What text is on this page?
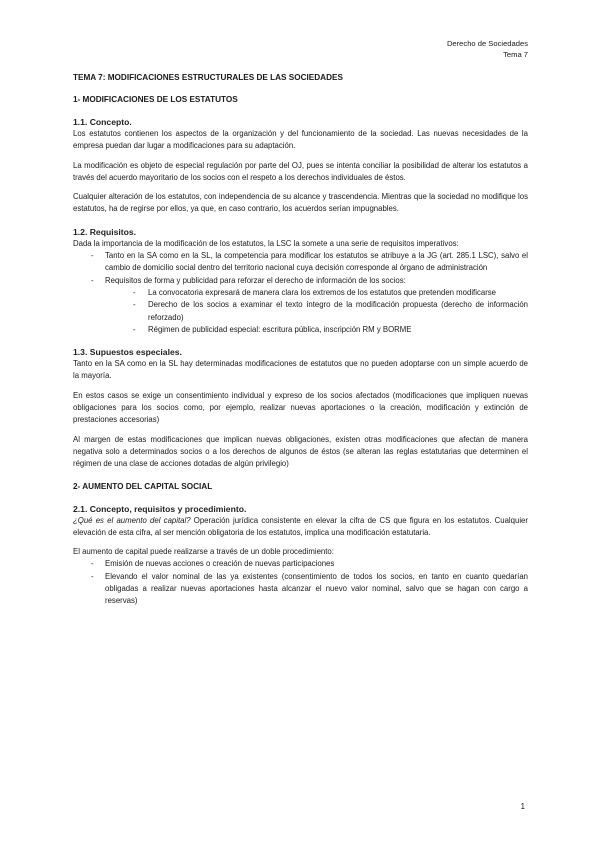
Derecho de Sociedades
Tema 7

TEMA 7: MODIFICACIONES ESTRUCTURALES DE LAS SOCIEDADES

1- MODIFICACIONES DE LOS ESTATUTOS

1.1. Concepto.

Los estatutos contienen los aspectos de la organización y del funcionamiento de la sociedad. Las nuevas necesidades de la empresa puedan dar lugar a modificaciones para su adaptación.

La modificación es objeto de especial regulación por parte del OJ, pues se intenta conciliar la posibilidad de alterar los estatutos a través del acuerdo mayoritario de los socios con el respeto a los derechos individuales de éstos.

Cualquier alteración de los estatutos, con independencia de su alcance y trascendencia. Mientras que la sociedad no modifique los estatutos, ha de regirse por ellos, ya que, en caso contrario, los acuerdos serían impugnables.

1.2. Requisitos.

Dada la importancia de la modificación de los estatutos, la LSC la somete a una serie de requisitos imperativos:

- Tanto en la SA como en la SL, la competencia para modificar los estatutos se atribuye a la JG (art. 285.1 LSC), salvo el cambio de domicilio social dentro del territorio nacional cuya decisión corresponde al órgano de administración
- Requisitos de forma y publicidad para reforzar el derecho de información de los socios:
- La convocatoria expresará de manera clara los extremos de los estatutos que pretenden modificarse
- Derecho de los socios a examinar el texto íntegro de la modificación propuesta (derecho de información reforzado)
- Régimen de publicidad especial: escritura pública, inscripción RM y BORME

1.3. Supuestos especiales.

Tanto en la SA como en la SL hay determinadas modificaciones de estatutos que no pueden adoptarse con un simple acuerdo de la mayoría.

En estos casos se exige un consentimiento individual y expreso de los socios afectados (modificaciones que impliquen nuevas obligaciones para los socios como, por ejemplo, realizar nuevas aportaciones o la creación, modificación y extinción de prestaciones accesorias)

Al margen de estas modificaciones que implican nuevas obligaciones, existen otras modificaciones que afectan de manera negativa solo a determinados socios o a los derechos de algunos de éstos (se alteran las reglas estatutarias que determinen el régimen de una clase de acciones dotadas de algún privilegio)

2- AUMENTO DEL CAPITAL SOCIAL

2.1. Concepto, requisitos y procedimiento.

¿Qué es el aumento del capital? Operación jurídica consistente en elevar la cifra de CS que figura en los estatutos. Cualquier elevación de esta cifra, al ser mención obligatoria de los estatutos, implica una modificación estatutaria.

El aumento de capital puede realizarse a través de un doble procedimiento:

- Emisión de nuevas acciones o creación de nuevas participaciones
- Elevando el valor nominal de las ya existentes (consentimiento de todos los socios, en tanto en cuanto quedarían obligadas a realizar nuevas aportaciones hasta alcanzar el nuevo valor nominal, salvo que se hagan con cargo a reservas)
1
